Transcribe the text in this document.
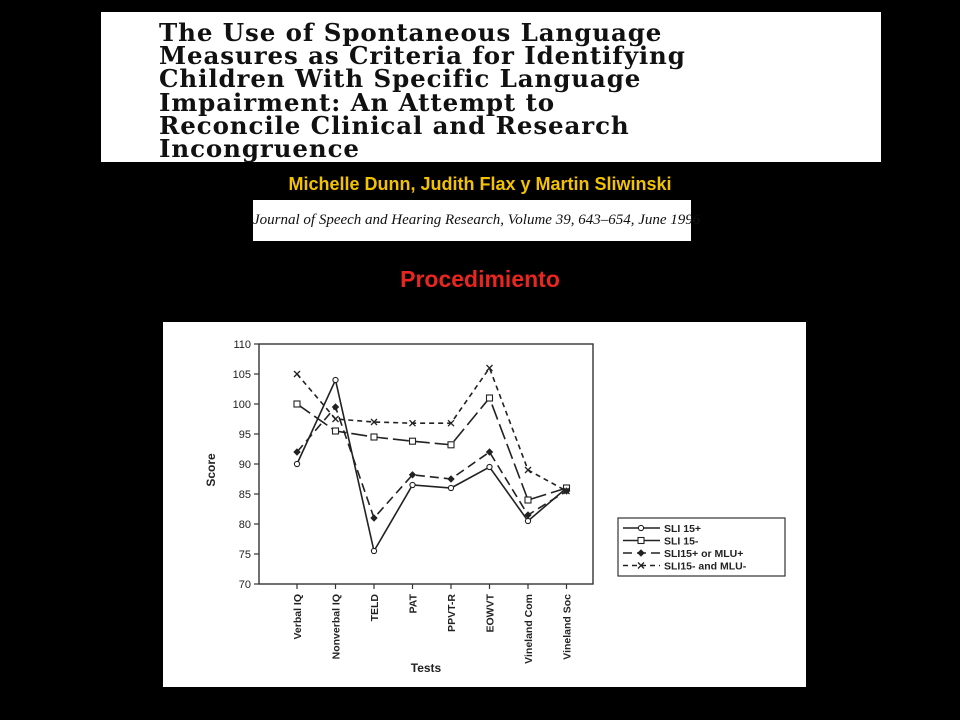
The Use of Spontaneous Language
Measures as Criteria for Identifying
Children With Specific Language
Impairment: An Attempt to
Reconcile Clinical and Research
Incongruence
Michelle Dunn, Judith Flax y Martin Sliwinski
Journal of Speech and Hearing Research, Volume 39, 643–654, June 1996
Procedimiento
70
75
80
85
90
95
100
105
110
Verbal IQ	Nonverbal IQ	TELD	PAT	PPVT-R	EOWVT	Vineland Com	Vineland Soc
Score
Tests
SLI 15+
SLI 15-
SLI15+ or MLU+
SLI15- and MLU-
